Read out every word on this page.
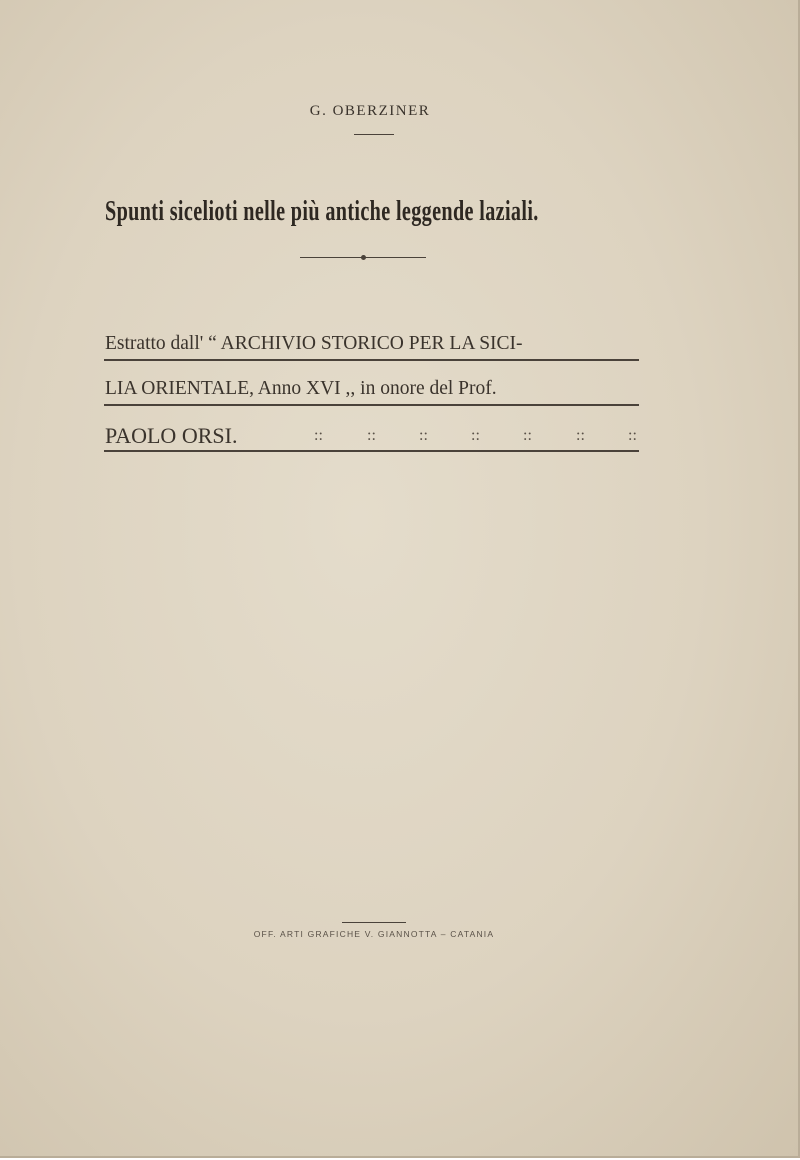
G. OBERZINER
Spunti sicelioti nelle più antiche leggende laziali.
Estratto dall' “ ARCHIVIO STORICO PER LA SICI-
LIA ORIENTALE, Anno XVI ,, in onore del Prof.
PAOLO ORSI.	::	::	::	::	::	::	::
OFF. ARTI GRAFICHE V. GIANNOTTA – CATANIA
